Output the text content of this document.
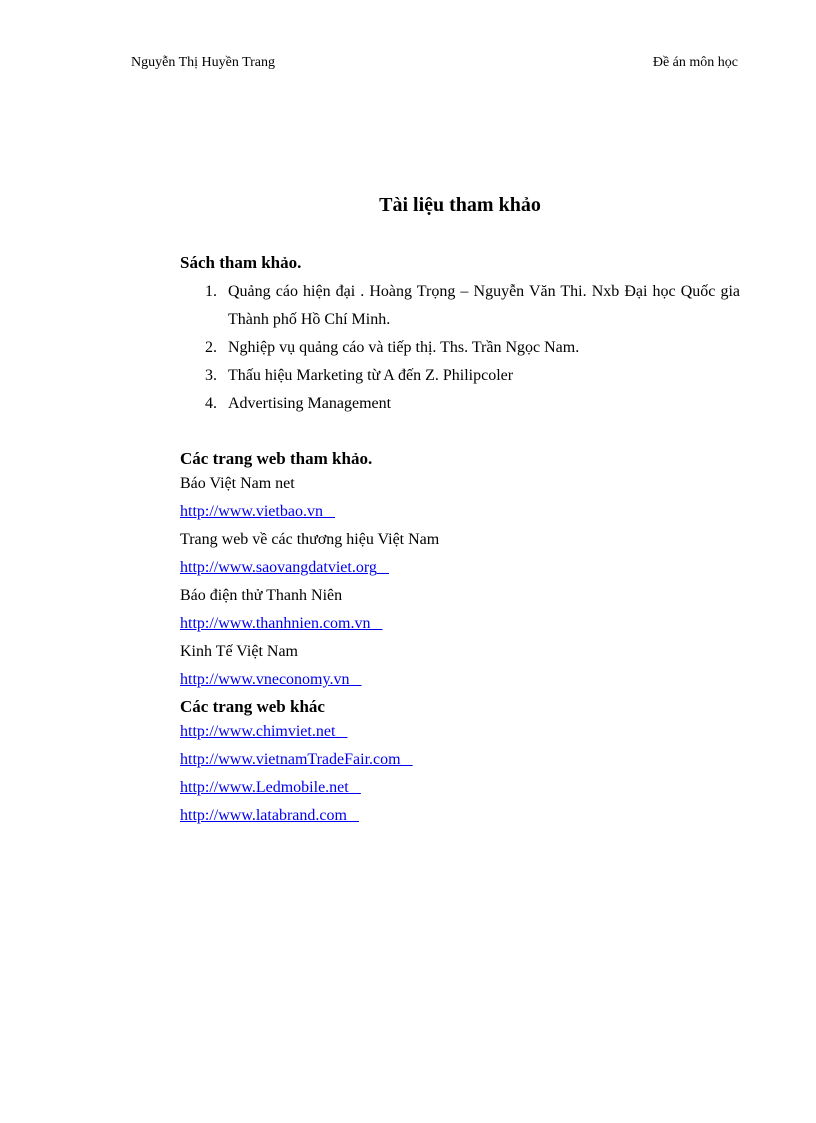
Nguyễn Thị Huyền Trang	Đề án môn học
Tài liệu tham khảo
Sách tham khảo.
1. Quảng cáo hiện đại . Hoàng Trọng – Nguyễn Văn Thi. Nxb Đại học Quốc gia Thành phố Hồ Chí Minh.
2. Nghiệp vụ quảng cáo và tiếp thị. Ths. Trần Ngọc Nam.
3. Thấu hiệu Marketing từ A đến Z. Philipcoler
4. Advertising Management
Các trang web tham khảo.
Báo Việt Nam net
http://www.vietbao.vn
Trang web về các thương hiệu Việt Nam
http://www.saovangdatviet.org
Báo điện thử Thanh Niên
http://www.thanhnien.com.vn
Kinh Tế Việt Nam
http://www.vneconomy.vn
Các trang web khác
http://www.chimviet.net
http://www.vietnamTradeFair.com
http://www.Ledmobile.net
http://www.latabrand.com
